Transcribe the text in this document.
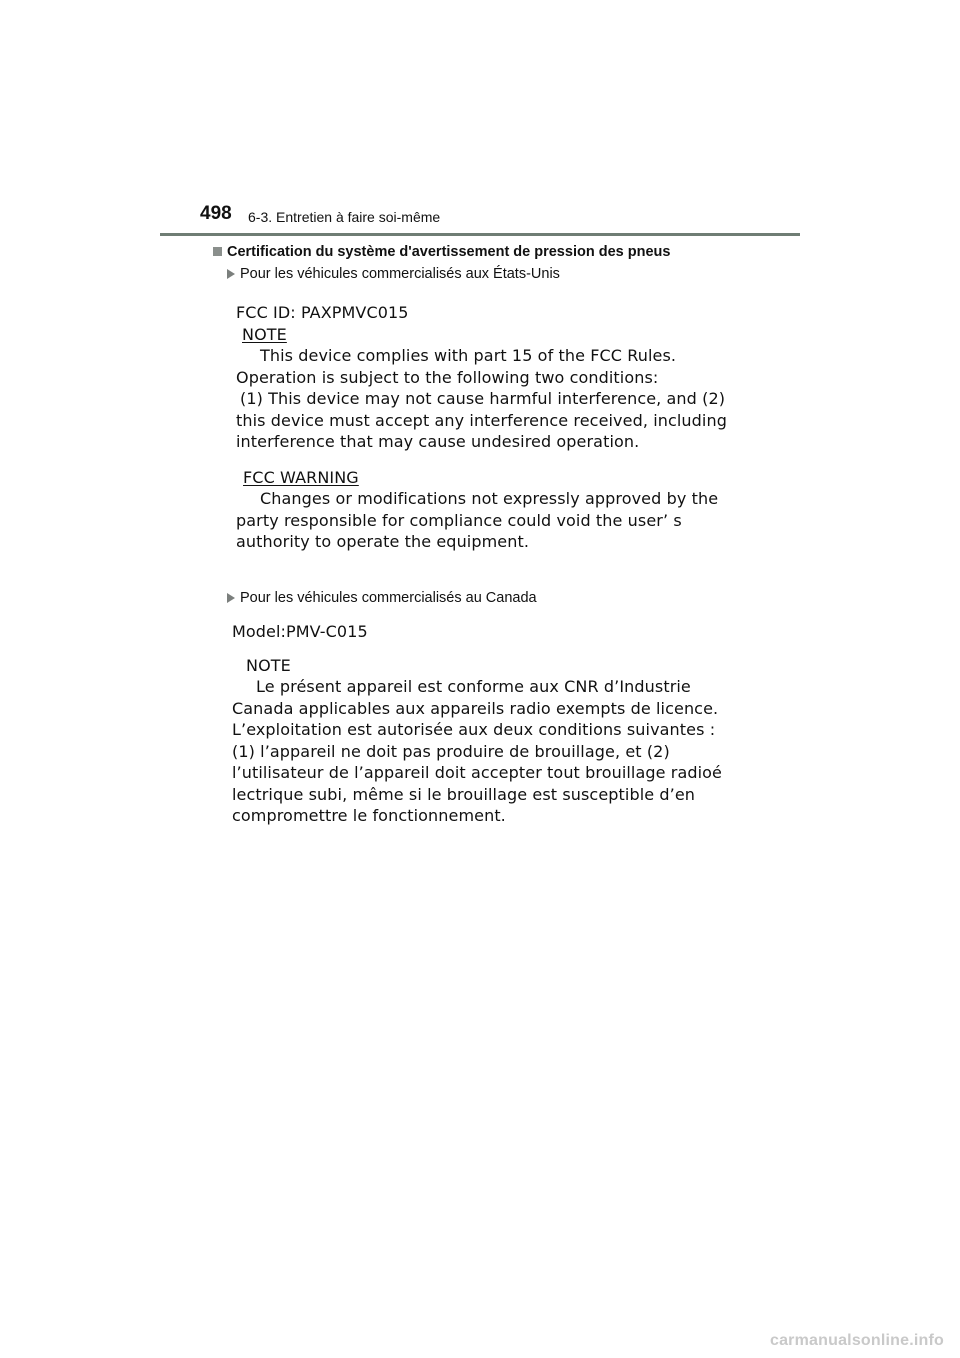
498 6-3. Entretien à faire soi-même
Certification du système d'avertissement de pression des pneus
Pour les véhicules commercialisés aux États-Unis
FCC ID: PAXPMVC015
NOTE
This device complies with part 15 of the FCC Rules.
Operation is subject to the following two conditions:
(1) This device may not cause harmful interference, and (2)
this device must accept any interference received, including
interference that may cause undesired operation.
FCC WARNING
Changes or modifications not expressly approved by the
party responsible for compliance could void the user’ s
authority to operate the equipment.
Pour les véhicules commercialisés au Canada
Model:PMV-C015
NOTE
Le présent appareil est conforme aux CNR d’Industrie
Canada applicables aux appareils radio exempts de licence.
L’exploitation est autorisée aux deux conditions suivantes :
(1) l’appareil ne doit pas produire de brouillage, et (2)
l’utilisateur de l’appareil doit accepter tout brouillage radioé
lectrique subi, même si le brouillage est susceptible d’en
compromettre le fonctionnement.
carmanualsonline.info
